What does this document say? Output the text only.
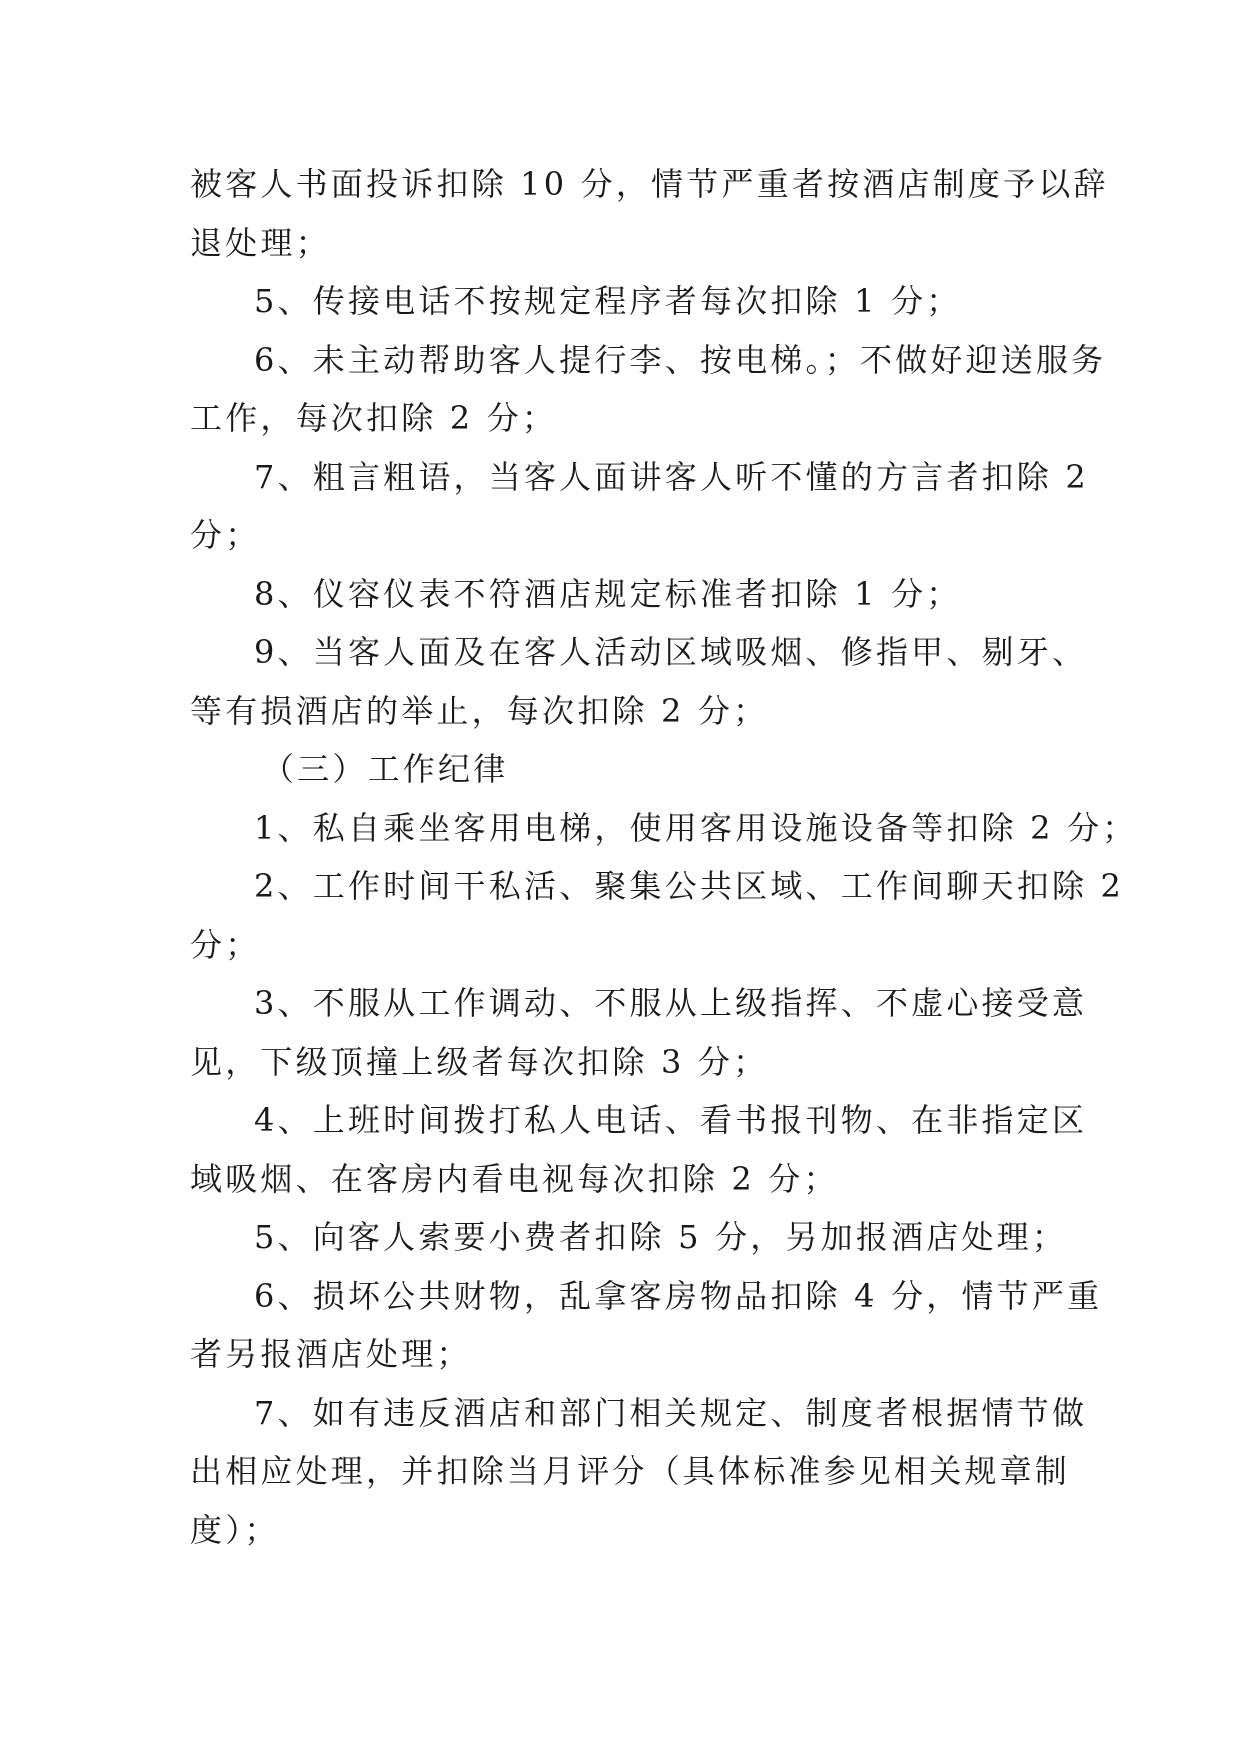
被客人书面投诉扣除 10 分，情节严重者按酒店制度予以辞
退处理；
5、传接电话不按规定程序者每次扣除 1 分；
6、未主动帮助客人提行李、按电梯。；不做好迎送服务
工作，每次扣除 2 分；
7、粗言粗语，当客人面讲客人听不懂的方言者扣除 2
分；
8、仪容仪表不符酒店规定标准者扣除 1 分；
9、当客人面及在客人活动区域吸烟、修指甲、剔牙、
等有损酒店的举止，每次扣除 2 分；
（三）工作纪律
1、私自乘坐客用电梯，使用客用设施设备等扣除 2 分；
2、工作时间干私活、聚集公共区域、工作间聊天扣除 2
分；
3、不服从工作调动、不服从上级指挥、不虚心接受意
见，下级顶撞上级者每次扣除 3 分；
4、上班时间拨打私人电话、看书报刊物、在非指定区
域吸烟、在客房内看电视每次扣除 2 分；
5、向客人索要小费者扣除 5 分，另加报酒店处理；
6、损坏公共财物，乱拿客房物品扣除 4 分，情节严重
者另报酒店处理；
7、如有违反酒店和部门相关规定、制度者根据情节做
出相应处理，并扣除当月评分（具体标准参见相关规章制
度）；
